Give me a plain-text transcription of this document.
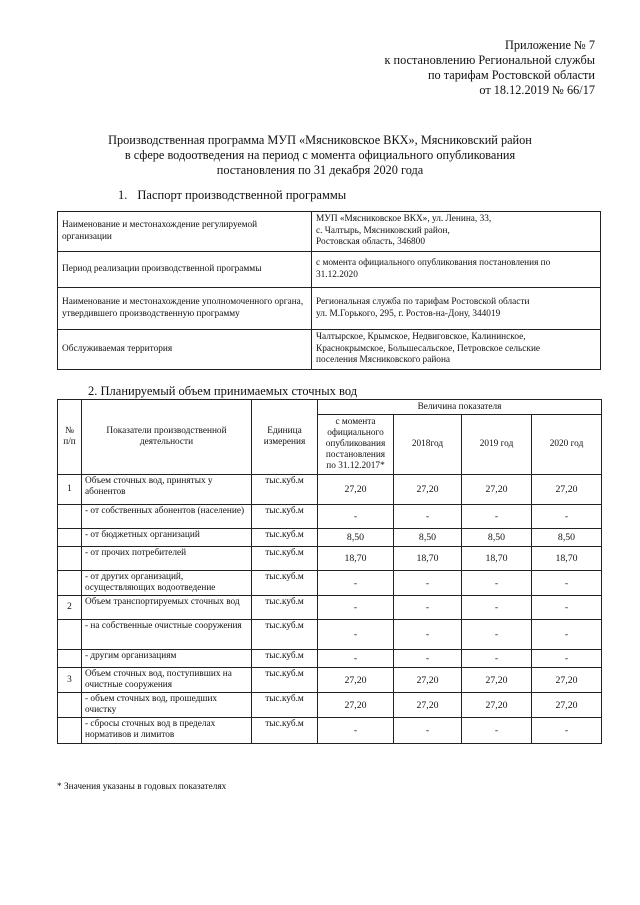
Приложение № 7
к постановлению Региональной службы
по тарифам Ростовской области
от 18.12.2019 № 66/17
Производственная программа МУП «Мясниковское ВКХ», Мясниковский район
в сфере водоотведения на период с момента официального опубликования
постановления по 31 декабря 2020 года
1. Паспорт производственной программы
Наименование и местонахождение регулируемой организации	МУП «Мясниковское ВКХ», ул. Ленина, 33,
с. Чалтырь, Мясниковский район,
Ростовская область, 346800

Период реализации производственной программы	с момента официального опубликования постановления по
31.12.2020

Наименование и местонахождение уполномоченного органа, утвердившего производственную программу	Региональная служба по тарифам Ростовской области
ул. М.Горького, 295, г. Ростов-на-Дону, 344019

Обслуживаемая территория	Чалтырское, Крымское, Недвиговское, Калининское,
Краснокрымское, Большесальское, Петровское сельские
поселения Мясниковского района
2. Планируемый объем принимаемых сточных вод
№ п/п	Показатели производственной деятельности	Единица измерения	Величина показателя			
			с момента официального опубликования постановления по 31.12.2017*	2018год	2019 год	2020 год
1	Объем сточных вод, принятых у абонентов	тыс.куб.м	27,20	27,20	27,20	27,20
	- от собственных абонентов (население)	тыс.куб.м	-	-	-	-
	- от бюджетных организаций	тыс.куб.м	8,50	8,50	8,50	8,50
	- от прочих потребителей	тыс.куб.м	18,70	18,70	18,70	18,70
	- от других организаций, осуществляющих водоотведение	тыс.куб.м	-	-	-	-
2	Объем транспортируемых сточных вод	тыс.куб.м	-	-	-	-
	- на собственные очистные сооружения	тыс.куб.м	-	-	-	-
	- другим организациям	тыс.куб.м	-	-	-	-
3	Объем сточных вод, поступивших на очистные сооружения	тыс.куб.м	27,20	27,20	27,20	27,20
	- объем сточных вод, прошедших очистку	тыс.куб.м	27,20	27,20	27,20	27,20
	- сбросы сточных вод в пределах нормативов и лимитов	тыс.куб.м	-	-	-	-
* Значения указаны в годовых показателях
